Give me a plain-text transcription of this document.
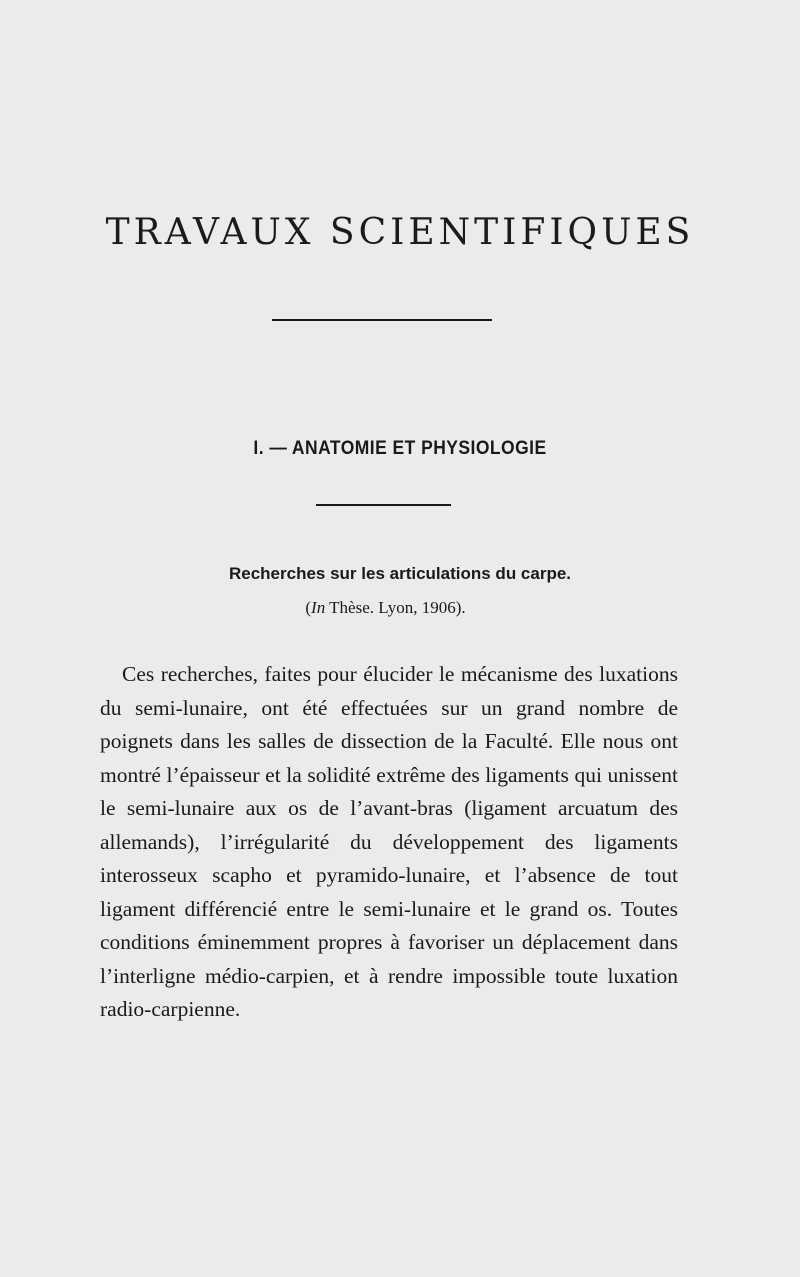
TRAVAUX SCIENTIFIQUES
I. — ANATOMIE ET PHYSIOLOGIE
Recherches sur les articulations du carpe.

(In Thèse. Lyon, 1906).

Ces recherches, faites pour élucider le mécanisme des luxations du semi-lunaire, ont été effectuées sur un grand nombre de poignets dans les salles de dissection de la Faculté. Elle nous ont montré l’épaisseur et la solidité extrême des ligaments qui unissent le semi-lunaire aux os de l’avant-bras (ligament arcuatum des allemands), l’irrégularité du développement des ligaments interosseux scapho et pyramido-lunaire, et l’absence de tout ligament différencié entre le semi-lunaire et le grand os. Toutes conditions éminemment propres à favoriser un déplacement dans l’interligne médio-carpien, et à rendre impossible toute luxation radio-carpienne.
